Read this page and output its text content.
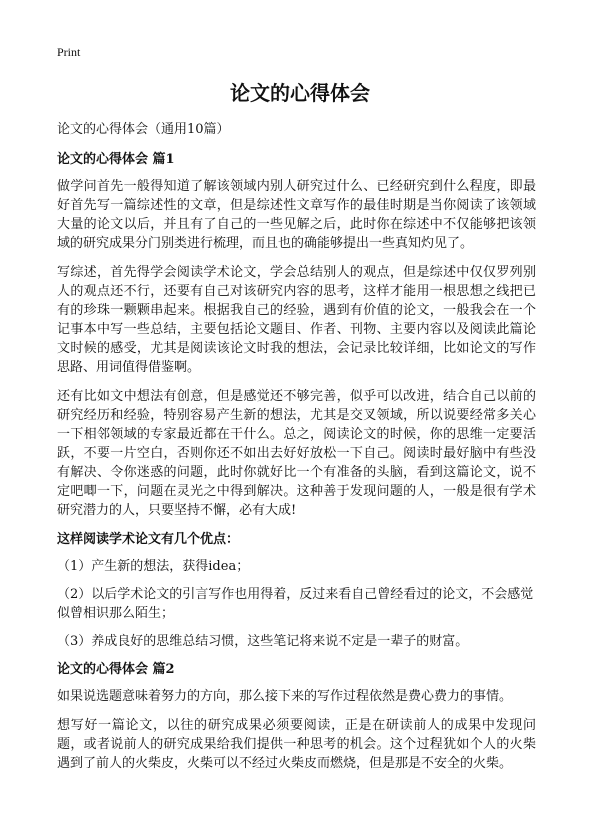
Print
论文的心得体会

论文的心得体会（通用10篇）

论文的心得体会 篇1

做学问首先一般得知道了解该领域内别人研究过什么、已经研究到什么程度，即最好首先写一篇综述性的文章，但是综述性文章写作的最佳时期是当你阅读了该领域大量的论文以后，并且有了自己的一些见解之后，此时你在综述中不仅能够把该领域的研究成果分门别类进行梳理，而且也的确能够提出一些真知灼见了。

写综述，首先得学会阅读学术论文，学会总结别人的观点，但是综述中仅仅罗列别人的观点还不行，还要有自己对该研究内容的思考，这样才能用一根思想之线把已有的珍珠一颗颗串起来。根据我自己的经验，遇到有价值的论文，一般我会在一个记事本中写一些总结，主要包括论文题目、作者、刊物、主要内容以及阅读此篇论文时候的感受，尤其是阅读该论文时我的想法，会记录比较详细，比如论文的写作思路、用词值得借鉴啊。

还有比如文中想法有创意，但是感觉还不够完善，似乎可以改进，结合自己以前的研究经历和经验，特别容易产生新的想法，尤其是交叉领域，所以说要经常多关心一下相邻领域的专家最近都在干什么。总之，阅读论文的时候，你的思维一定要活跃，不要一片空白，否则你还不如出去好好放松一下自己。阅读时最好脑中有些没有解决、令你迷惑的问题，此时你就好比一个有准备的头脑，看到这篇论文，说不定吧唧一下，问题在灵光之中得到解决。这种善于发现问题的人，一般是很有学术研究潜力的人，只要坚持不懈，必有大成!

这样阅读学术论文有几个优点：

（1）产生新的想法，获得idea；

（2）以后学术论文的引言写作也用得着，反过来看自己曾经看过的论文，不会感觉似曾相识那么陌生；

（3）养成良好的思维总结习惯，这些笔记将来说不定是一辈子的财富。

论文的心得体会 篇2

如果说选题意味着努力的方向，那么接下来的写作过程依然是费心费力的事情。

想写好一篇论文，以往的研究成果必须要阅读，正是在研读前人的成果中发现问题，或者说前人的研究成果给我们提供一种思考的机会。这个过程犹如个人的火柴遇到了前人的火柴皮，火柴可以不经过火柴皮而燃烧，但是那是不安全的火柴。
